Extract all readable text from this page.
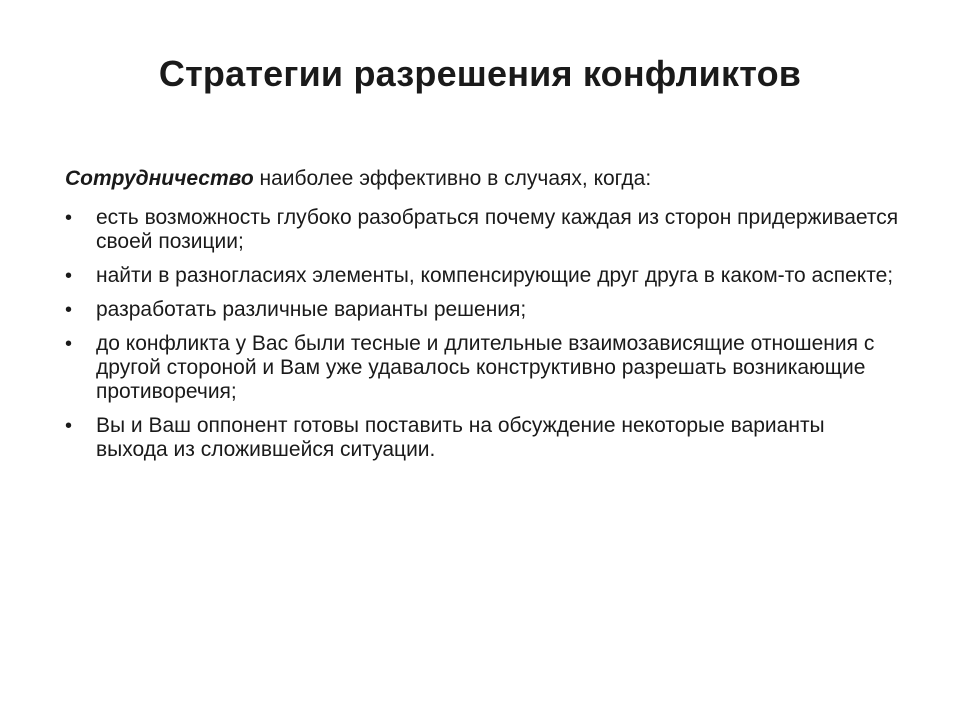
Стратегии разрешения конфликтов

Сотрудничество наиболее эффективно в случаях, когда:

• есть возможность глубоко разобраться почему каждая из сторон придерживается своей позиции;
• найти в разногласиях элементы, компенсирующие друг друга в каком-то аспекте;
• разработать различные варианты решения;
• до конфликта у Вас были тесные и длительные взаимозависящие отношения с другой стороной и Вам уже удавалось конструктивно разрешать возникающие противоречия;
• Вы и Ваш оппонент готовы поставить на обсуждение некоторые варианты выхода из сложившейся ситуации.
